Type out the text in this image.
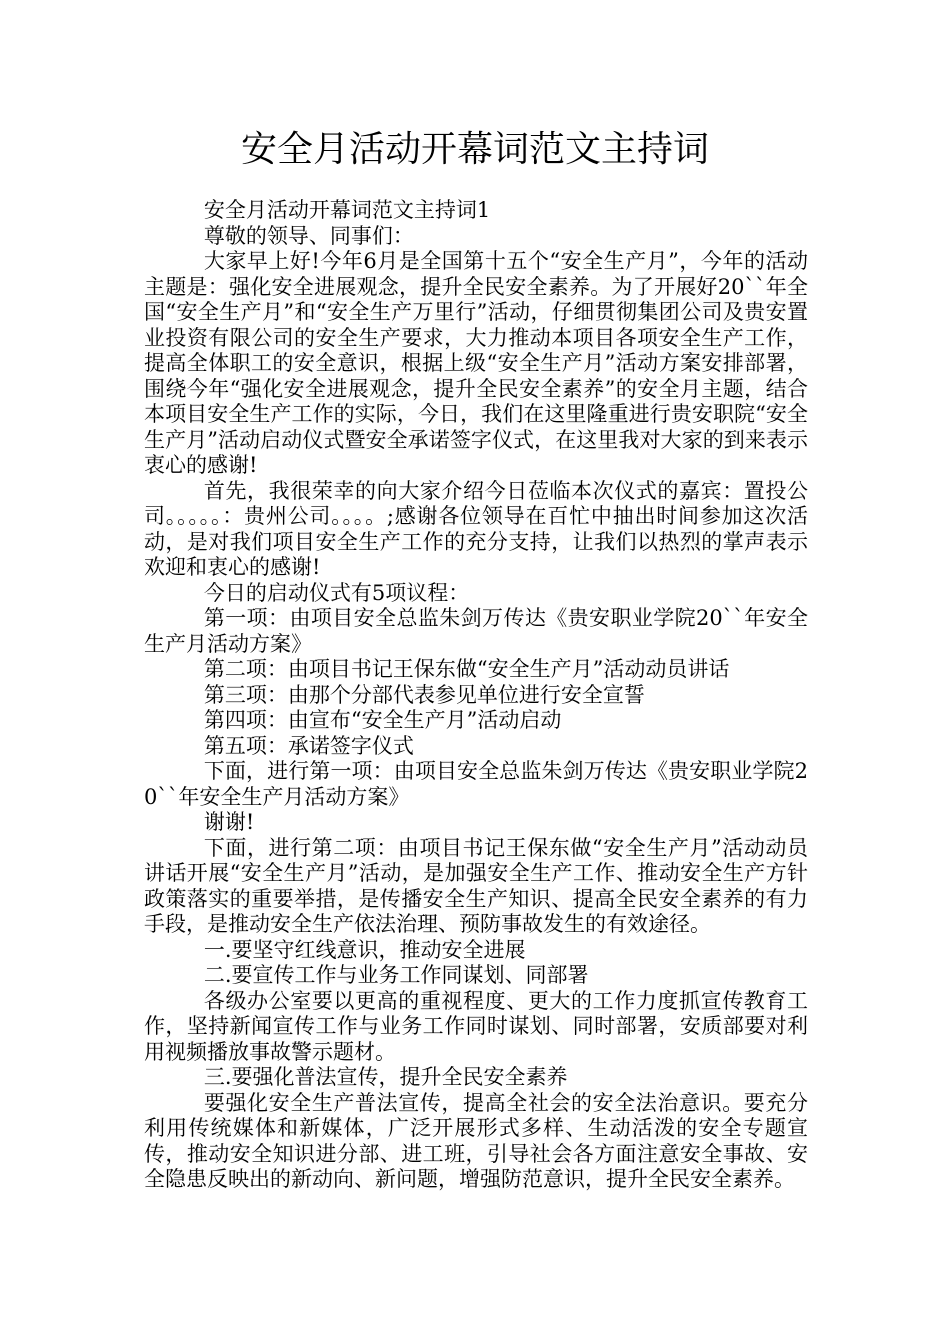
安全月活动开幕词范文主持词

安全月活动开幕词范文主持词1

尊敬的领导、同事们：

大家早上好!今年6月是全国第十五个“安全生产月”，今年的活动主题是：强化安全进展观念，提升全民安全素养。为了开展好20``年全国“安全生产月”和“安全生产万里行”活动，仔细贯彻集团公司及贵安置业投资有限公司的安全生产要求，大力推动本项目各项安全生产工作，提高全体职工的安全意识，根据上级“安全生产月”活动方案安排部署，围绕今年“强化安全进展观念，提升全民安全素养”的安全月主题，结合本项目安全生产工作的实际，今日，我们在这里隆重进行贵安职院“安全生产月”活动启动仪式暨安全承诺签字仪式，在这里我对大家的到来表示衷心的感谢!

首先，我很荣幸的向大家介绍今日莅临本次仪式的嘉宾：置投公司。。。。。：贵州公司。。。。;感谢各位领导在百忙中抽出时间参加这次活动，是对我们项目安全生产工作的充分支持，让我们以热烈的掌声表示欢迎和衷心的感谢!

今日的启动仪式有5项议程：

第一项：由项目安全总监朱剑万传达《贵安职业学院20``年安全生产月活动方案》

第二项：由项目书记王保东做“安全生产月”活动动员讲话

第三项：由那个分部代表参见单位进行安全宣誓

第四项：由宣布“安全生产月”活动启动

第五项：承诺签字仪式

下面，进行第一项：由项目安全总监朱剑万传达《贵安职业学院20``年安全生产月活动方案》

谢谢!

下面，进行第二项：由项目书记王保东做“安全生产月”活动动员讲话开展“安全生产月”活动，是加强安全生产工作、推动安全生产方针政策落实的重要举措，是传播安全生产知识、提高全民安全素养的有力手段，是推动安全生产依法治理、预防事故发生的有效途径。

一.要坚守红线意识，推动安全进展

二.要宣传工作与业务工作同谋划、同部署

各级办公室要以更高的重视程度、更大的工作力度抓宣传教育工作，坚持新闻宣传工作与业务工作同时谋划、同时部署，安质部要对利用视频播放事故警示题材。

三.要强化普法宣传，提升全民安全素养

要强化安全生产普法宣传，提高全社会的安全法治意识。要充分利用传统媒体和新媒体，广泛开展形式多样、生动活泼的安全专题宣传，推动安全知识进分部、进工班，引导社会各方面注意安全事故、安全隐患反映出的新动向、新问题，增强防范意识，提升全民安全素养。
